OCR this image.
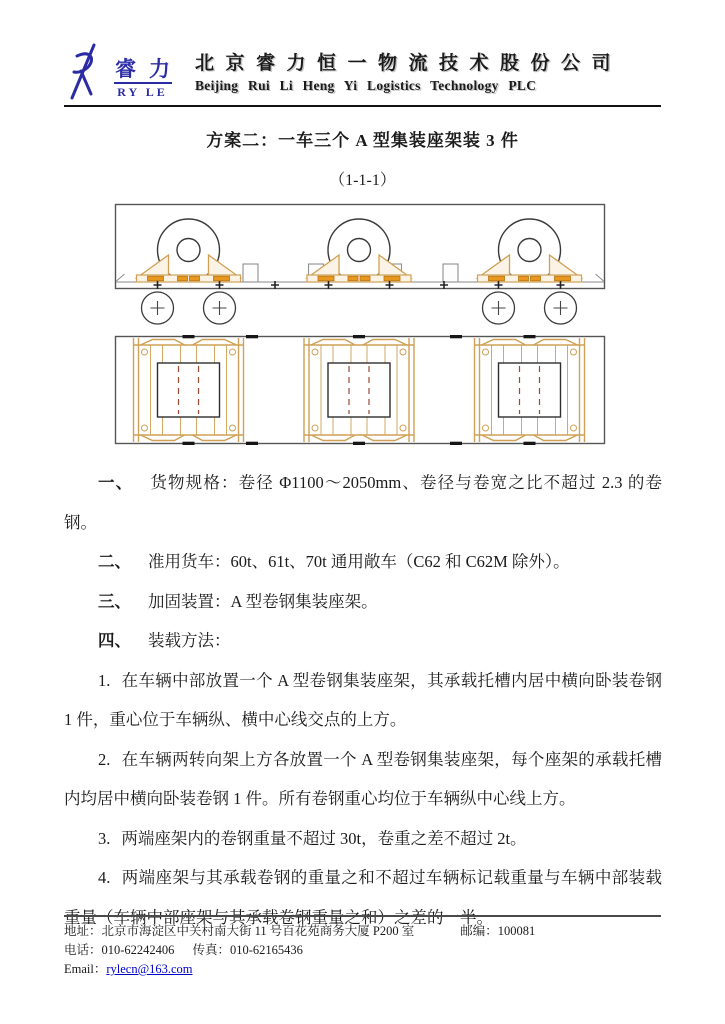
睿力
RY LE
北京睿力恒一物流技术股份公司
Beijing Rui Li Heng Yi Logistics Technology PLC
方案二：一车三个 A 型集装座架装 3 件
（1-1-1）

一、 货物规格：卷径 Φ1100～2050mm、卷径与卷宽之比不超过 2.3 的卷钢。

二、 准用货车：60t、61t、70t 通用敞车（C62 和 C62M 除外）。

三、 加固装置：A 型卷钢集装座架。

四、 装载方法：

1. 在车辆中部放置一个 A 型卷钢集装座架，其承载托槽内居中横向卧装卷钢 1 件，重心位于车辆纵、横中心线交点的上方。

2. 在车辆两转向架上方各放置一个 A 型卷钢集装座架，每个座架的承载托槽内均居中横向卧装卷钢 1 件。所有卷钢重心均位于车辆纵中心线上方。

3. 两端座架内的卷钢重量不超过 30t，卷重之差不超过 2t。

4. 两端座架与其承载卷钢的重量之和不超过车辆标记载重量与车辆中部装载重量（车辆中部座架与其承载卷钢重量之和）之差的一半。

地址：北京市海淀区中关村南大街 11 号百花苑商务大厦 P200 室	邮编：100081
电话：010-62242406 传真：010-62165436
Email：rylecn@163.com
